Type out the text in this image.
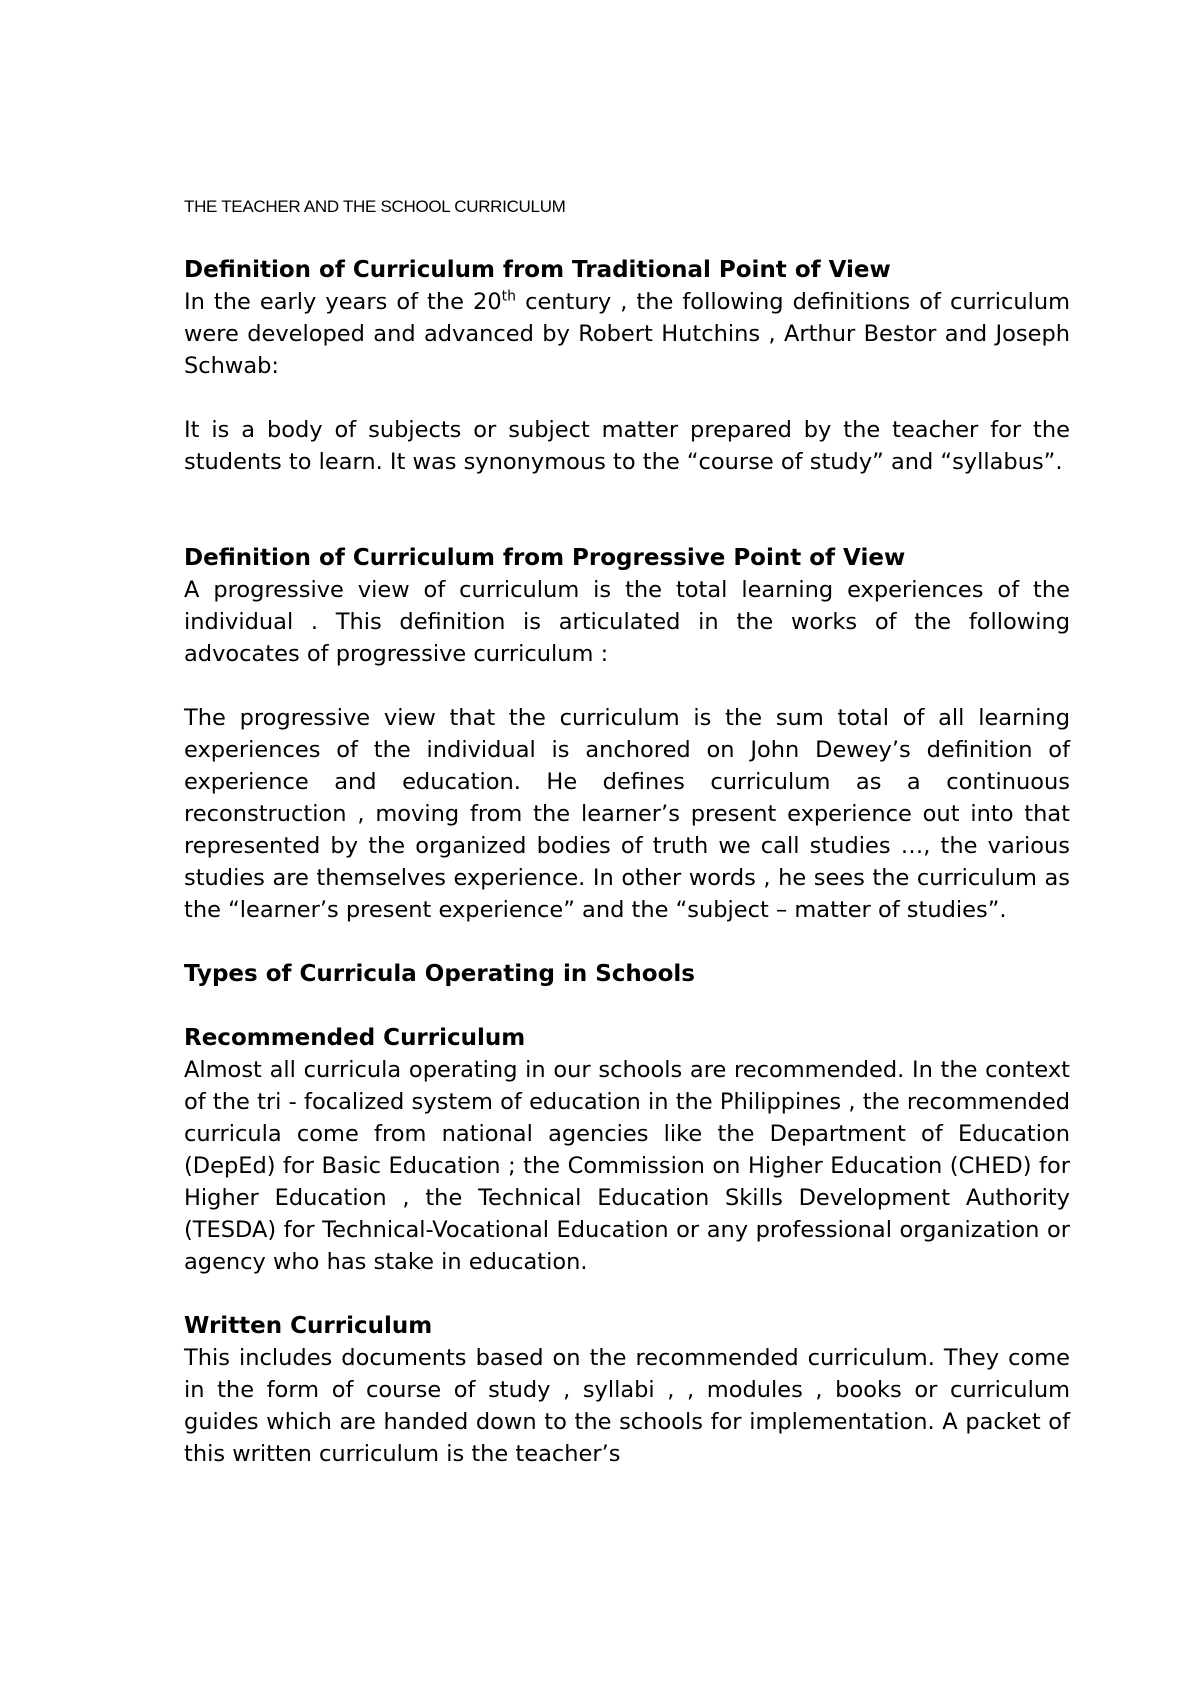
THE TEACHER AND THE SCHOOL CURRICULUM
Definition of Curriculum from Traditional Point of View

In the early years of the 20th century , the following definitions of curriculum were developed and advanced by Robert Hutchins , Arthur Bestor and Joseph Schwab:

It is a body of subjects or subject matter prepared by the teacher for the students to learn. It was synonymous to the “course of study” and “syllabus”.

Definition of Curriculum from Progressive Point of View

A progressive view of curriculum is the total learning experiences of the individual . This definition is articulated in the works of the following advocates of progressive curriculum :

The progressive view that the curriculum is the sum total of all learning experiences of the individual is anchored on John Dewey’s definition of experience and education. He defines curriculum as a continuous reconstruction , moving from the learner’s present experience out into that represented by the organized bodies of truth we call studies …, the various studies are themselves experience. In other words , he sees the curriculum as the “learner’s present experience” and the “subject – matter of studies”.

Types of Curricula Operating in Schools
Recommended Curriculum

Almost all curricula operating in our schools are recommended. In the context of the tri - focalized system of education in the Philippines , the recommended curricula come from national agencies like the Department of Education (DepEd) for Basic Education ; the Commission on Higher Education (CHED) for Higher Education , the Technical Education Skills Development Authority (TESDA) for Technical-Vocational Education or any professional organization or agency who has stake in education.

Written Curriculum

This includes documents based on the recommended curriculum. They come in the form of course of study , syllabi , , modules , books or curriculum guides which are handed down to the schools for implementation. A packet of this written curriculum is the teacher’s
